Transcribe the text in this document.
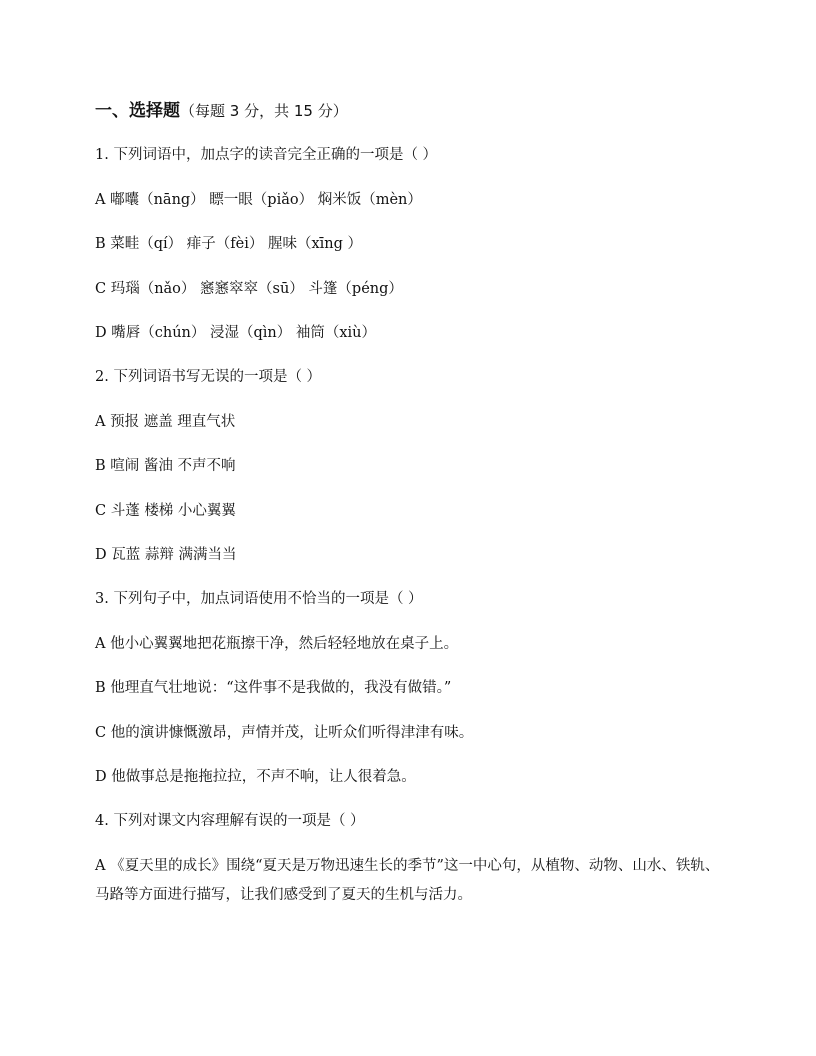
一、选择题（每题 3 分，共 15 分）
1. 下列词语中，加点字的读音完全正确的一项是（ ）
A 嘟囔（nāng） 瞟一眼（piǎo） 焖米饭（mèn）
B 菜畦（qí） 痱子（fèi） 腥味（xīng ）
C 玛瑙（nǎo） 窸窸窣窣（sū） 斗篷（péng）
D 嘴唇（chún） 浸湿（qìn） 袖筒（xiù）
2. 下列词语书写无误的一项是（ ）
A 预报 遮盖 理直气状
B 喧闹 酱油 不声不响
C 斗蓬 楼梯 小心翼翼
D 瓦蓝 蒜辩 满满当当
3. 下列句子中，加点词语使用不恰当的一项是（ ）
A 他小心翼翼地把花瓶擦干净，然后轻轻地放在桌子上。
B 他理直气壮地说：“这件事不是我做的，我没有做错。”
C 他的演讲慷慨激昂，声情并茂，让听众们听得津津有味。
D 他做事总是拖拖拉拉，不声不响，让人很着急。
4. 下列对课文内容理解有误的一项是（ ）
A 《夏天里的成长》围绕“夏天是万物迅速生长的季节”这一中心句，从植物、动物、山水、铁轨、马路等方面进行描写，让我们感受到了夏天的生机与活力。
